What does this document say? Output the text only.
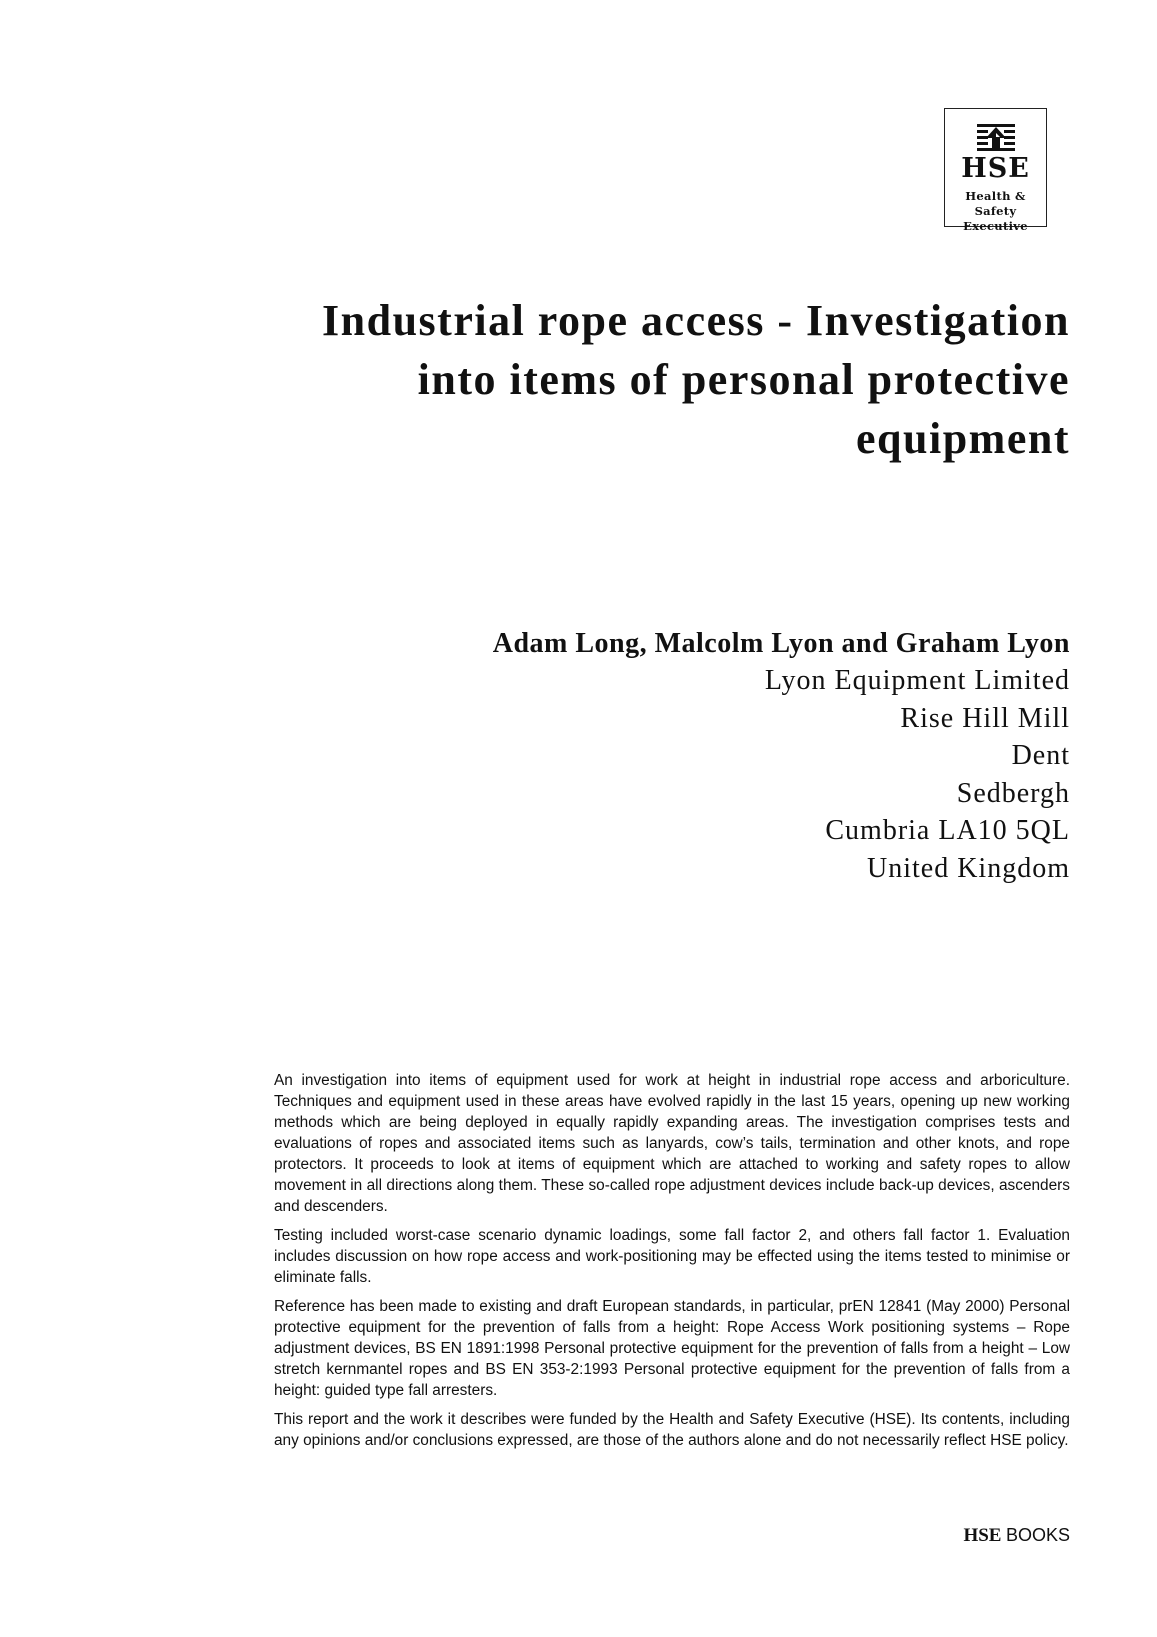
HSE
Health & Safety
Executive
Industrial rope access - Investigation
into items of personal protective
equipment
Adam Long, Malcolm Lyon and Graham Lyon
Lyon Equipment Limited
Rise Hill Mill
Dent
Sedbergh
Cumbria LA10 5QL
United Kingdom

An investigation into items of equipment used for work at height in industrial rope access and arboriculture. Techniques and equipment used in these areas have evolved rapidly in the last 15 years, opening up new working methods which are being deployed in equally rapidly expanding areas. The investigation comprises tests and evaluations of ropes and associated items such as lanyards, cow’s tails, termination and other knots, and rope protectors. It proceeds to look at items of equipment which are attached to working and safety ropes to allow movement in all directions along them. These so-called rope adjustment devices include back-up devices, ascenders and descenders.

Testing included worst-case scenario dynamic loadings, some fall factor 2, and others fall factor 1. Evaluation includes discussion on how rope access and work-positioning may be effected using the items tested to minimise or eliminate falls.

Reference has been made to existing and draft European standards, in particular, prEN 12841 (May 2000) Personal protective equipment for the prevention of falls from a height: Rope Access Work positioning systems – Rope adjustment devices, BS EN 1891:1998 Personal protective equipment for the prevention of falls from a height – Low stretch kernmantel ropes and BS EN 353-2:1993 Personal protective equipment for the prevention of falls from a height: guided type fall arresters.

This report and the work it describes were funded by the Health and Safety Executive (HSE). Its contents, including any opinions and/or conclusions expressed, are those of the authors alone and do not necessarily reflect HSE policy.

HSE BOOKS
